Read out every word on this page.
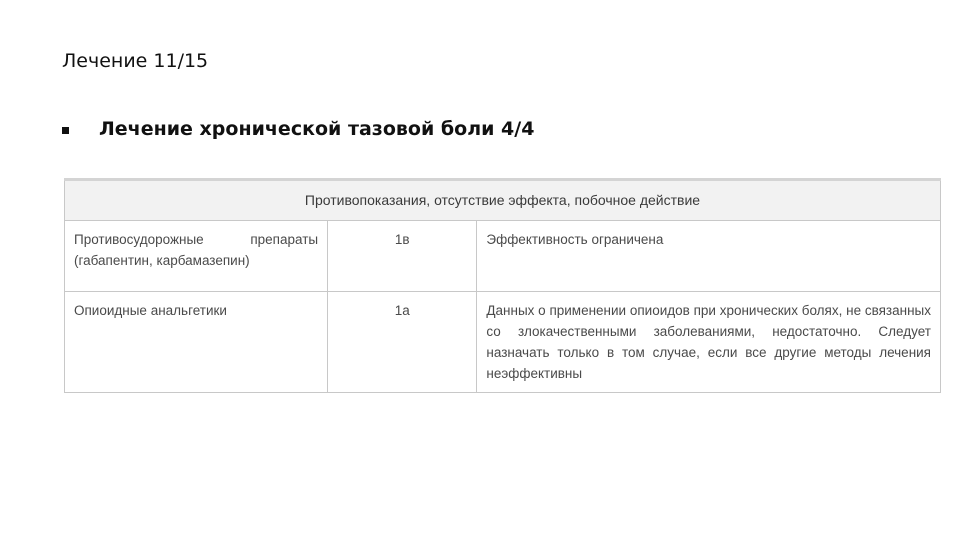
Лечение 11/15
Лечение хронической тазовой боли 4/4
Противопоказания, отсутствие эффекта, побочное действие		
Противосудорожные препараты (габапентин, карбамазепин)	1в	Эффективность ограничена
Опиоидные анальгетики	1а	Данных о применении опиоидов при хронических болях, не связанных со злокачественными заболеваниями, недостаточно. Следует назначать только в том случае, если все другие методы лечения неэффективны
